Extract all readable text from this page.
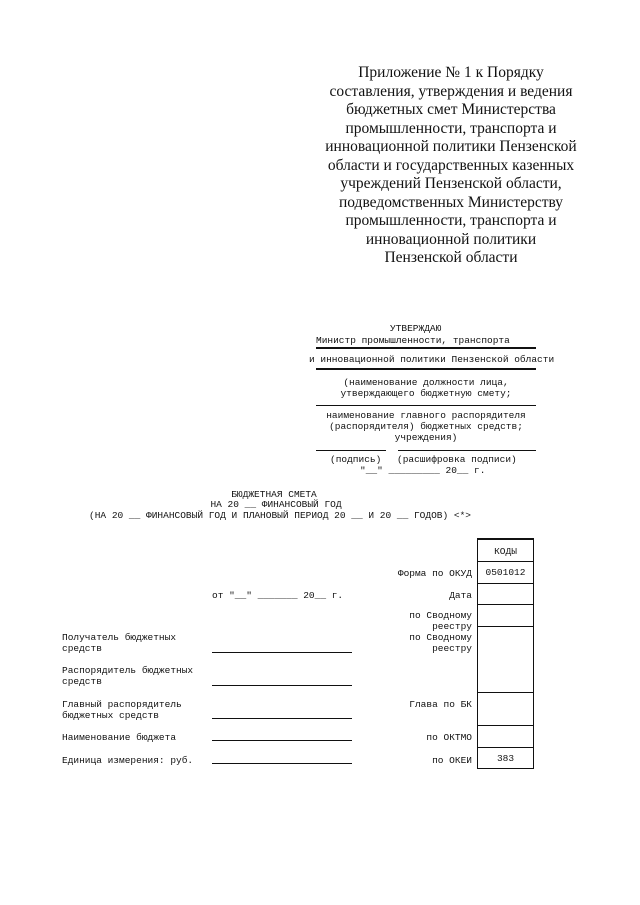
Приложение № 1 к Порядку
составления, утверждения и ведения
бюджетных смет Министерства
промышленности, транспорта и
инновационной политики Пензенской
области и государственных казенных
учреждений Пензенской области,
подведомственных Министерству
промышленности, транспорта и
инновационной политики
Пензенской области
УТВЕРЖДАЮ
Министр промышленности, транспорта
и инновационной политики Пензенской области
(наименование должности лица,
утверждающего бюджетную смету;
наименование главного распорядителя
(распорядителя) бюджетных средств;
учреждения)
(подпись) (расшифровка подписи)
"__" _________ 20__ г.
БЮДЖЕТНАЯ СМЕТА
НА 20 __ ФИНАНСОВЫЙ ГОД
(НА 20 __ ФИНАНСОВЫЙ ГОД И ПЛАНОВЫЙ ПЕРИОД 20 __ И 20 __ ГОДОВ) <*>
от "__" _______ 20__ г.
Получатель бюджетных
средств
Распорядитель бюджетных
средств
Главный распорядитель
бюджетных средств
Наименование бюджета
Единица измерения: руб.
Форма по ОКУД
Дата
по Сводному
реестру
по Сводному
реестру
Глава по БК
по ОКТМО
по ОКЕИ
КОДЫ
0501012
383
